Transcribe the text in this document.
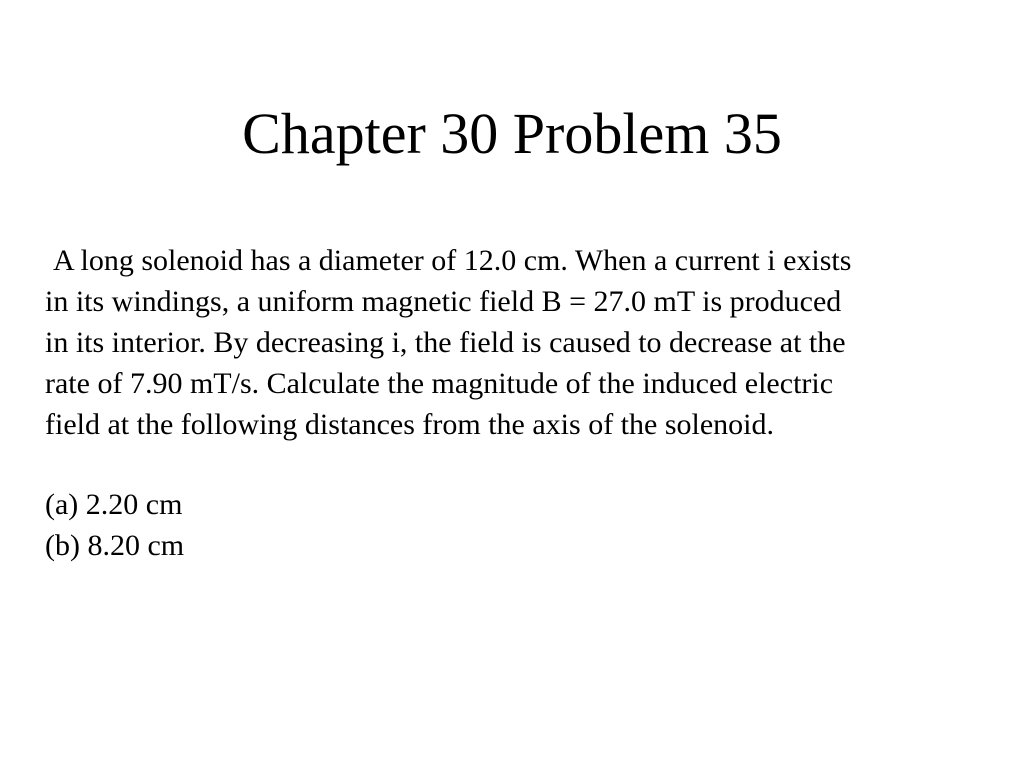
Chapter 30 Problem 35
A long solenoid has a diameter of 12.0 cm. When a current i exists
in its windings, a uniform magnetic field B = 27.0 mT is produced
in its interior. By decreasing i, the field is caused to decrease at the
rate of 7.90 mT/s. Calculate the magnitude of the induced electric
field at the following distances from the axis of the solenoid.
(a) 2.20 cm
(b) 8.20 cm
